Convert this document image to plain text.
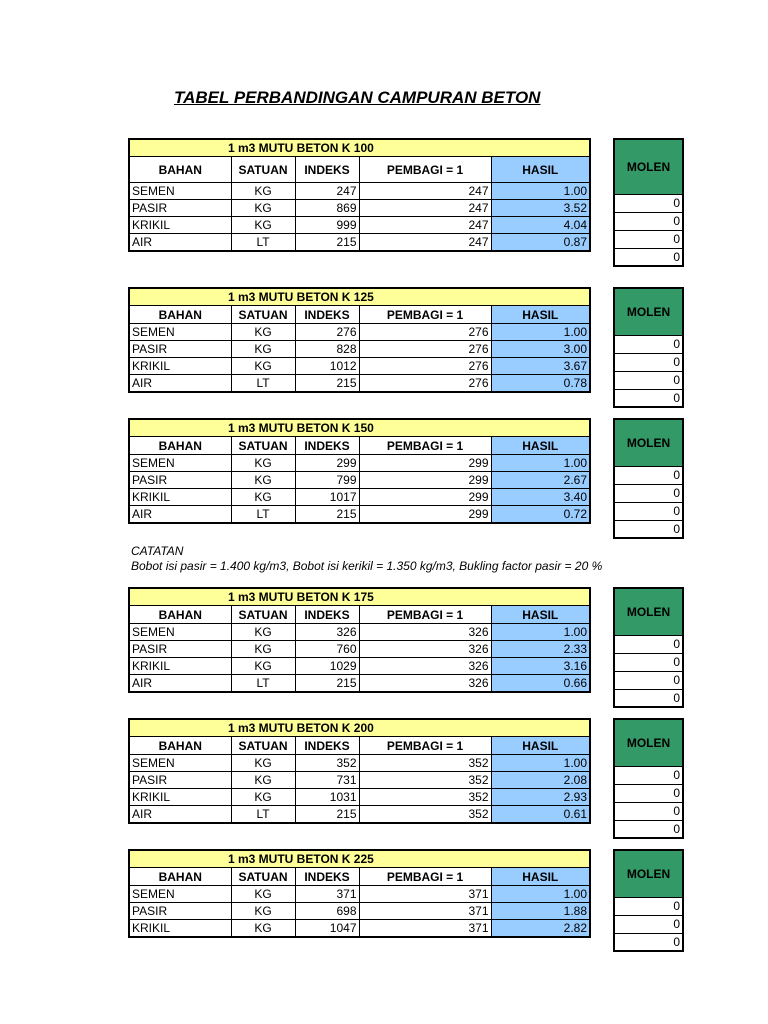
TABEL PERBANDINGAN CAMPURAN BETON
1 m3 MUTU BETON K 100				
BAHAN	SATUAN	INDEKS	PEMBAGI = 1	HASIL
SEMEN	KG	247	247	1.00
PASIR	KG	869	247	3.52
KRIKIL	KG	999	247	4.04
AIR	LT	215	247	0.87
MOLEN
0
0
0
0
1 m3 MUTU BETON K 125				
BAHAN	SATUAN	INDEKS	PEMBAGI = 1	HASIL
SEMEN	KG	276	276	1.00
PASIR	KG	828	276	3.00
KRIKIL	KG	1012	276	3.67
AIR	LT	215	276	0.78
MOLEN
0
0
0
0
1 m3 MUTU BETON K 150				
BAHAN	SATUAN	INDEKS	PEMBAGI = 1	HASIL
SEMEN	KG	299	299	1.00
PASIR	KG	799	299	2.67
KRIKIL	KG	1017	299	3.40
AIR	LT	215	299	0.72
MOLEN
0
0
0
0
1 m3 MUTU BETON K 175				
BAHAN	SATUAN	INDEKS	PEMBAGI = 1	HASIL
SEMEN	KG	326	326	1.00
PASIR	KG	760	326	2.33
KRIKIL	KG	1029	326	3.16
AIR	LT	215	326	0.66
MOLEN
0
0
0
0
1 m3 MUTU BETON K 200				
BAHAN	SATUAN	INDEKS	PEMBAGI = 1	HASIL
SEMEN	KG	352	352	1.00
PASIR	KG	731	352	2.08
KRIKIL	KG	1031	352	2.93
AIR	LT	215	352	0.61
MOLEN
0
0
0
0
1 m3 MUTU BETON K 225				
BAHAN	SATUAN	INDEKS	PEMBAGI = 1	HASIL
SEMEN	KG	371	371	1.00
PASIR	KG	698	371	1.88
KRIKIL	KG	1047	371	2.82
MOLEN
0
0
0
CATATAN
Bobot isi pasir = 1.400 kg/m3, Bobot isi kerikil = 1.350 kg/m3, Bukling factor pasir = 20 %
